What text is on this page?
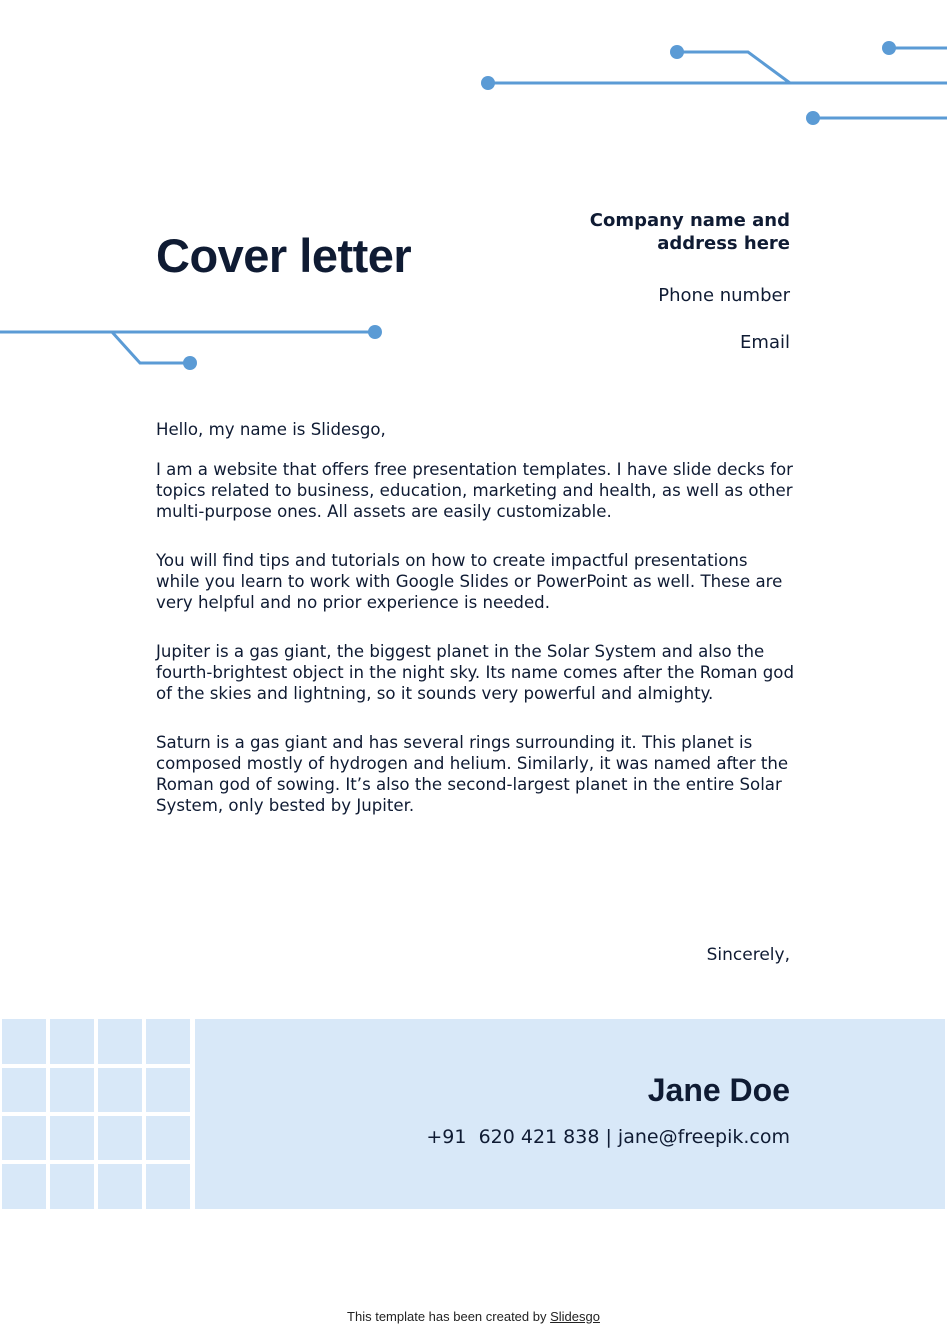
Cover letter
Company name and address here
Phone number
Email

Hello, my name is Slidesgo,

I am a website that offers free presentation templates. I have slide decks for topics related to business, education, marketing and health, as well as other multi-purpose ones. All assets are easily customizable.

You will find tips and tutorials on how to create impactful presentations while you learn to work with Google Slides or PowerPoint as well. These are very helpful and no prior experience is needed.

Jupiter is a gas giant, the biggest planet in the Solar System and also the fourth-brightest object in the night sky. Its name comes after the Roman god of the skies and lightning, so it sounds very powerful and almighty.

Saturn is a gas giant and has several rings surrounding it. This planet is composed mostly of hydrogen and helium. Similarly, it was named after the Roman god of sowing. It’s also the second-largest planet in the entire Solar System, only bested by Jupiter.

Sincerely,
Jane Doe
+91  620 421 838 | jane@freepik.com
This template has been created by Slidesgo
